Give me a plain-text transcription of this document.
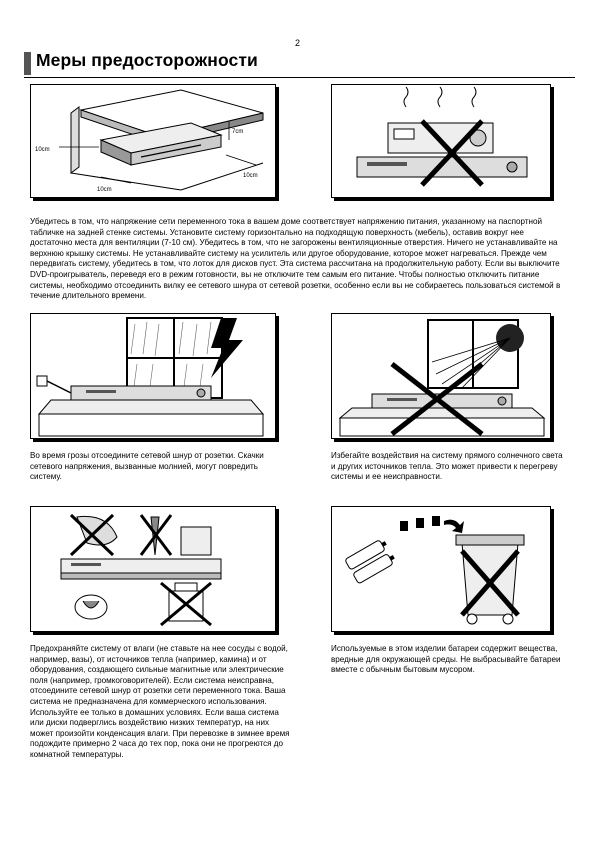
2
Меры предосторожности
10cm
10cm
10cm
7cm

Убедитесь в том, что напряжение сети переменного тока в вашем доме соответствует напряжению питания, указанному на паспортной табличке на задней стенке системы. Установите систему горизонтально на подходящую поверхность (мебель), оставив вокруг нее достаточно места для вентиляции (7-10 см). Убедитесь в том, что не загорожены вентиляционные отверстия. Ничего не устанавливайте на верхнюю крышку системы. Не устанавливайте систему на усилитель или другое оборудование, которое может нагреваться. Прежде чем передвигать систему, убедитесь в том, что лоток для дисков пуст. Эта система рассчитана на продолжительную работу. Если вы выключите DVD-проигрыватель, переведя его в режим готовности, вы не отключите тем самым его питание. Чтобы полностью отключить питание системы, необходимо отсоединить вилку ее сетевого шнура от сетевой розетки, особенно если вы не собираетесь пользоваться системой в течение длительного времени.

Во время грозы отсоедините сетевой шнур от розетки. Скачки сетевого напряжения, вызванные молнией, могут повредить систему.

Избегайте воздействия на систему прямого солнечного света и других источников тепла. Это может привести к перегреву системы и ее неисправности.

Предохраняйте систему от влаги (не ставьте на нее сосуды с водой, например, вазы), от источников тепла (например, камина) и от оборудования, создающего сильные магнитные или электрические поля (например, громкоговорителей). Если система неисправна, отсоедините сетевой шнур от розетки сети переменного тока. Ваша система не предназначена для коммерческого использования. Используйте ее только в домашних условиях. Если ваша система или диски подверглись воздействию низких температур, на них может произойти конденсация влаги. При перевозке в зимнее время подождите примерно 2 часа до тех пор, пока они не прогреются до комнатной температуры.

Используемые в этом изделии батареи содержит вещества, вредные для окружающей среды. Не выбрасывайте батареи вместе с обычным бытовым мусором.
